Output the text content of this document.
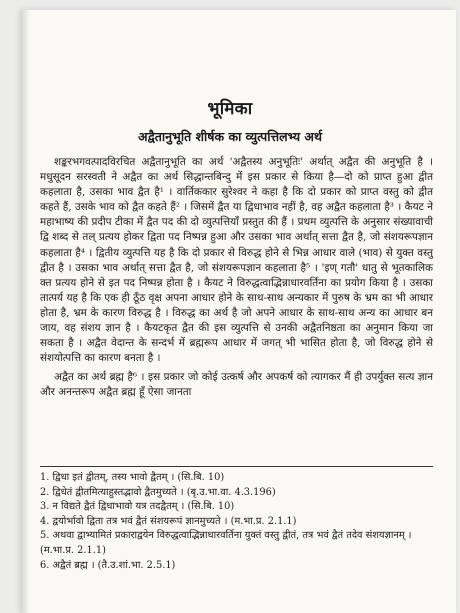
भूमिका
अद्वैतानुभूति शीर्षक का व्युत्पत्तिलभ्य अर्थ

शङ्करभगवत्पादविरचित अद्वैतानुभूति का अर्थ 'अद्वैतस्य अनुभूतिः' अर्थात् अद्वैत की अनुभूति है । मधुसूदन सरस्वती ने अद्वैत का अर्थ सिद्धान्तबिन्दु में इस प्रकार से किया है—दो को प्राप्त हुआ द्वीत कहलाता है, उसका भाव द्वैत है¹ । वार्तिककार सुरेश्वर ने कहा है कि दो प्रकार को प्राप्त वस्तु को द्वीत कहते हैं, उसके भाव को द्वैत कहते हैं² । जिसमें द्वैत या द्विधाभाव नहीं है, वह अद्वैत कहलाता है³ । कैयट ने महाभाष्य की प्रदीप टीका में द्वैत पद की दो व्युत्पत्तियाँ प्रस्तुत की हैं । प्रथम व्युत्पत्ति के अनुसार संख्यावाची द्वि शब्द से तल् प्रत्यय होकर द्विता पद निष्पन्न हुआ और उसका भाव अर्थात् सत्ता द्वैत है, जो संशयरूपज्ञान कहलाता है⁴ । द्वितीय व्युत्पत्ति यह है कि दो प्रकार से विरुद्ध होने से भिन्न आधार वाले (भाव) से युक्त वस्तु द्वीत है । उसका भाव अर्थात् सत्ता द्वैत है, जो संशयरूपज्ञान कहलाता है⁵ । 'इण् गतौ' धातु से भूतकालिक क्त प्रत्यय होने से इत पद निष्पन्न होता है । कैयट ने विरुद्धत्वाद्भिन्नाधारवर्तिना का प्रयोग किया है । उसका तात्पर्य यह है कि एक ही ठूँठ वृक्ष अपना आधार होने के साथ-साथ अन्यकार में पुरुष के भ्रम का भी आधार होता है, भ्रम के कारण विरुद्ध है । विरुद्ध का अर्थ है जो अपने आधार के साथ-साथ अन्य का आधार बन जाय, वह संशय ज्ञान है । कैयटकृत द्वैत की इस व्युत्पत्ति से उनकी अद्वैतनिष्ठता का अनुमान किया जा सकता है । अद्वैत वेदान्त के सन्दर्भ में ब्रह्मरूप आधार में जगत् भी भासित होता है, जो विरुद्ध होने से संशयोत्पत्ति का कारण बनता है ।

अद्वैत का अर्थ ब्रह्म है⁶ । इस प्रकार जो कोई उत्कर्ष और अपकर्ष को त्यागकर मैं ही उपर्युक्त सत्य ज्ञान और अनन्तरूप अद्वैत ब्रह्म हूँ ऐसा जानता

1. द्विधा इतं द्वीतम्, तस्य भावो द्वैतम् । (सि.बि. 10)
2. द्विधेतं द्वीतमित्याहुस्तद्भावो द्वैतमुच्यते । (बृ.उ.भा.वा. 4.3.196)
3. न विद्यते द्वैतं द्विधाभावो यत्र तदद्वैतम् । (सि.बि. 10)
4. द्वयोर्भावो द्विता तत्र भवं द्वैतं संशयरूपं ज्ञानमुच्यते । (म.भा.प्र. 2.1.1)
5. अथवा द्वाभ्यामितं प्रकाराद्वयेन विरुद्धत्वाद्भिन्नाधारवर्तिना युक्तं वस्तु द्वीतं, तत्र भवं द्वैतं तदेव संशयज्ञानम् । (म.भा.प्र. 2.1.1)
6. अद्वैतं ब्रह्म । (तै.उ.शां.भा. 2.5.1)
